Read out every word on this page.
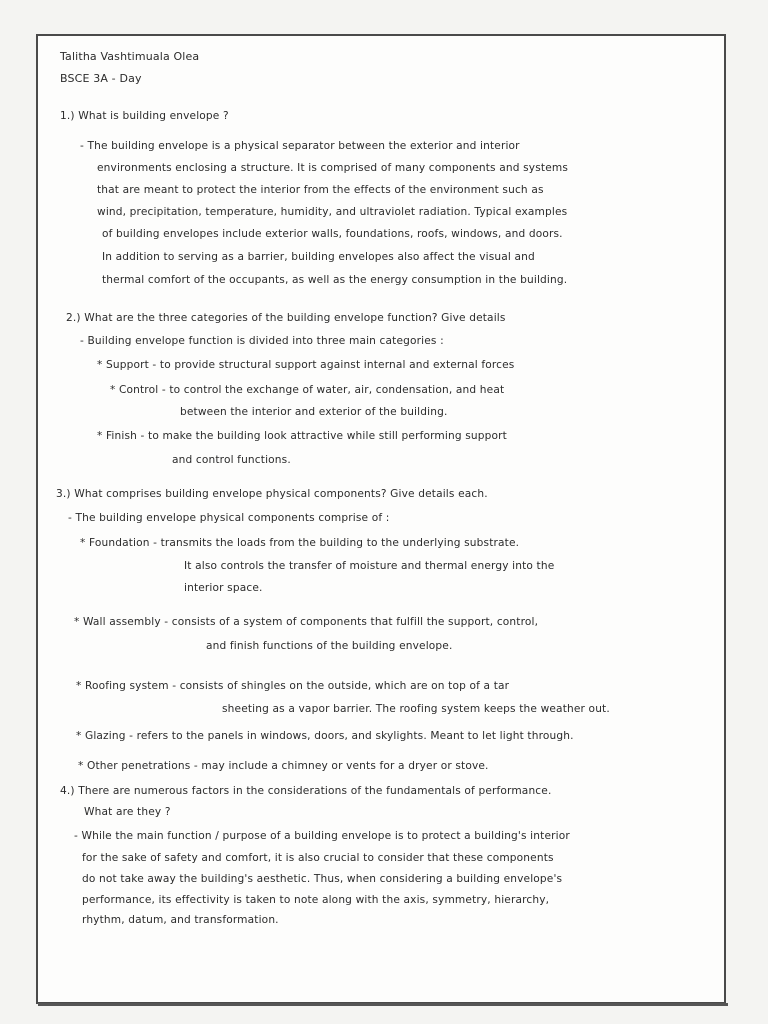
Talitha Vashtimuala Olea
BSCE 3A - Day
1.) What is building envelope ?
- The building envelope is a physical separator between the exterior and interior
environments enclosing a structure. It is comprised of many components and systems
that are meant to protect the interior from the effects of the environment such as
wind, precipitation, temperature, humidity, and ultraviolet radiation. Typical examples
of building envelopes include exterior walls, foundations, roofs, windows, and doors.
In addition to serving as a barrier, building envelopes also affect the visual and
thermal comfort of the occupants, as well as the energy consumption in the building.
2.) What are the three categories of the building envelope function? Give details
- Building envelope function is divided into three main categories :
* Support - to provide structural support against internal and external forces
* Control - to control the exchange of water, air, condensation, and heat
between the interior and exterior of the building.
* Finish - to make the building look attractive while still performing support
and control functions.
3.) What comprises building envelope physical components? Give details each.
- The building envelope physical components comprise of :
* Foundation - transmits the loads from the building to the underlying substrate.
It also controls the transfer of moisture and thermal energy into the
interior space.
* Wall assembly - consists of a system of components that fulfill the support, control,
and finish functions of the building envelope.
* Roofing system - consists of shingles on the outside, which are on top of a tar
sheeting as a vapor barrier. The roofing system keeps the weather out.
* Glazing - refers to the panels in windows, doors, and skylights. Meant to let light through.
* Other penetrations - may include a chimney or vents for a dryer or stove.
4.) There are numerous factors in the considerations of the fundamentals of performance.
What are they ?
- While the main function / purpose of a building envelope is to protect a building's interior
for the sake of safety and comfort, it is also crucial to consider that these components
do not take away the building's aesthetic. Thus, when considering a building envelope's
performance, its effectivity is taken to note along with the axis, symmetry, hierarchy,
rhythm, datum, and transformation.
